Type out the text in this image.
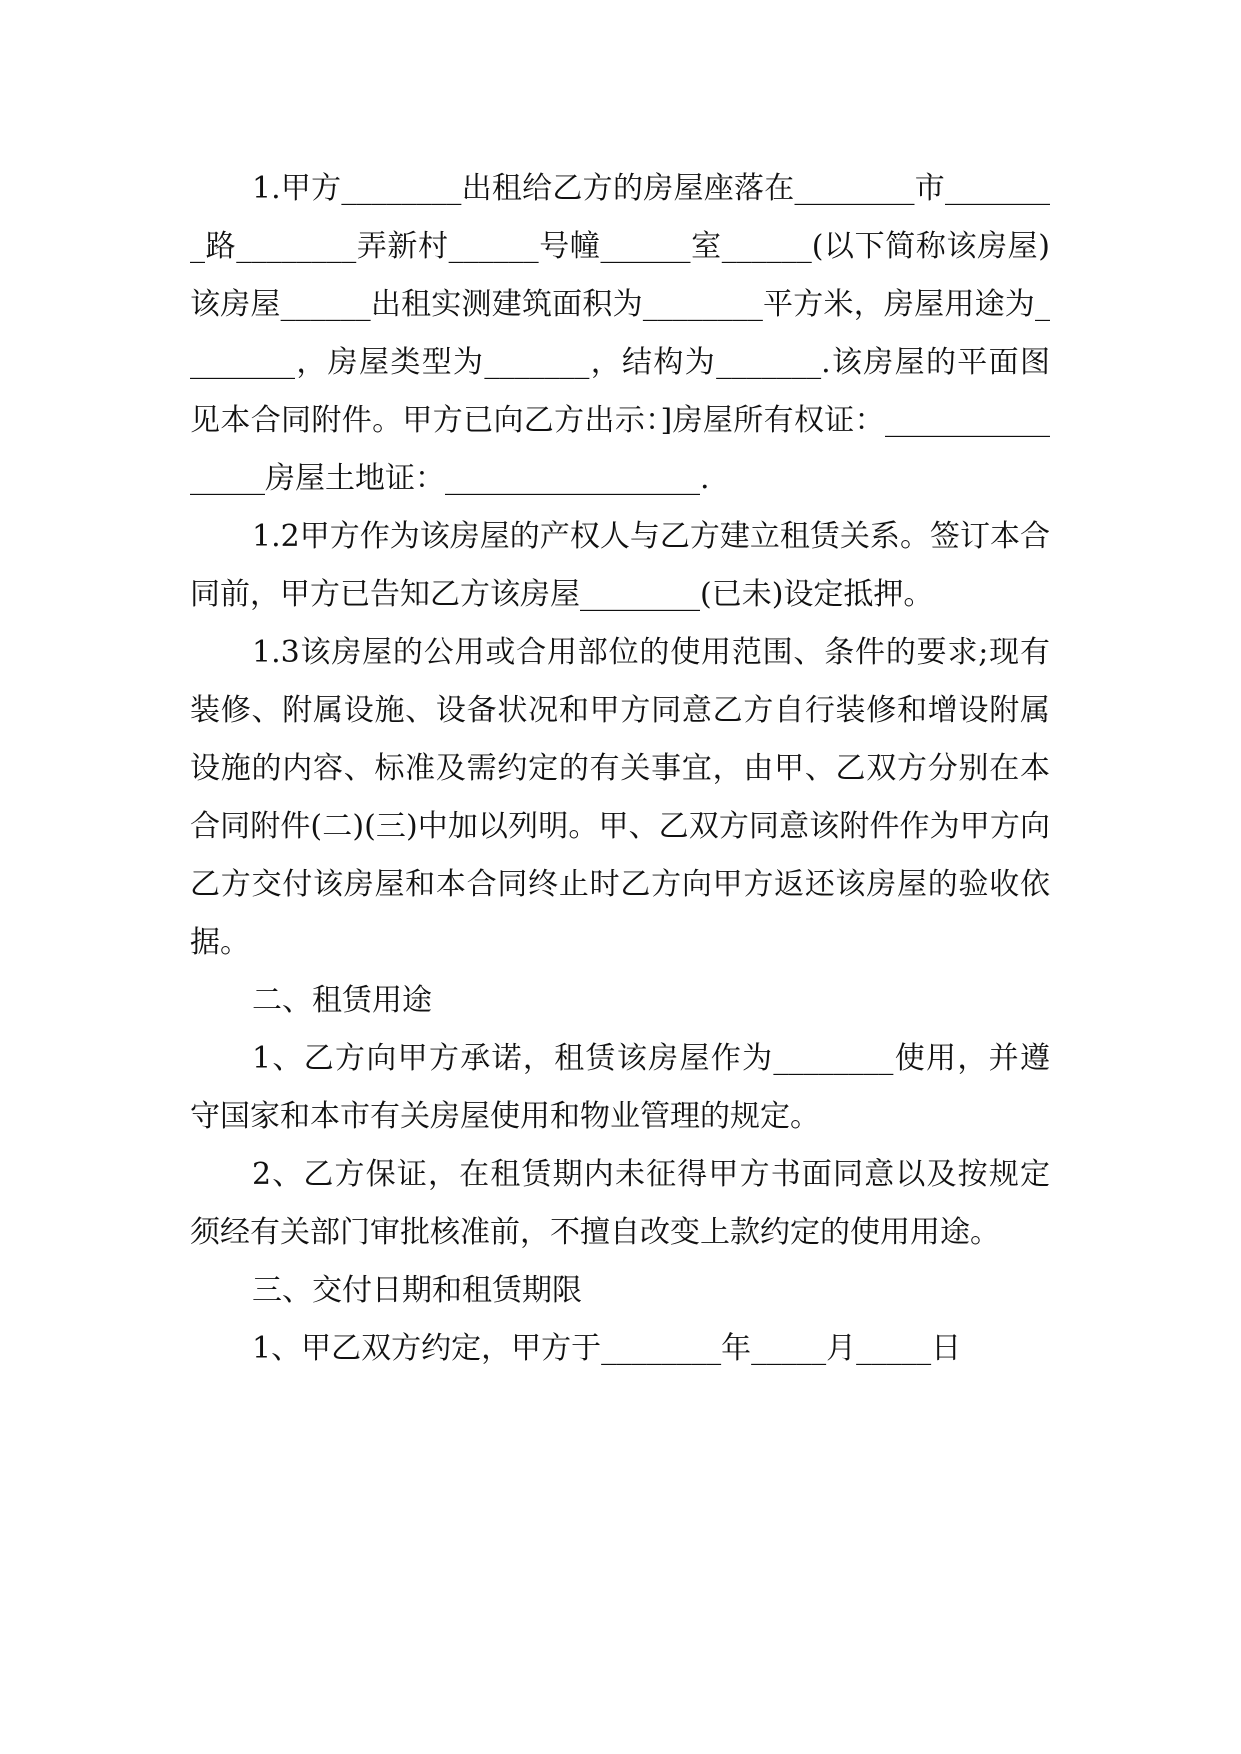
1.甲方________出租给乙方的房屋座落在________市________路________弄新村______号幢______室______(以下简称该房屋)该房屋______出租实测建筑面积为________平方米，房屋用途为________，房屋类型为_______，结构为_______.该房屋的平面图见本合同附件。甲方已向乙方出示：]房屋所有权证：________________房屋土地证：_________________.

1.2甲方作为该房屋的产权人与乙方建立租赁关系。签订本合同前，甲方已告知乙方该房屋________(已未)设定抵押。

1.3该房屋的公用或合用部位的使用范围、条件的要求;现有装修、附属设施、设备状况和甲方同意乙方自行装修和增设附属设施的内容、标准及需约定的有关事宜，由甲、乙双方分别在本合同附件(二)(三)中加以列明。甲、乙双方同意该附件作为甲方向乙方交付该房屋和本合同终止时乙方向甲方返还该房屋的验收依据。

二、租赁用途

1、乙方向甲方承诺，租赁该房屋作为________使用，并遵守国家和本市有关房屋使用和物业管理的规定。

2、乙方保证，在租赁期内未征得甲方书面同意以及按规定须经有关部门审批核准前，不擅自改变上款约定的使用用途。

三、交付日期和租赁期限

1、甲乙双方约定，甲方于________年_____月_____日
